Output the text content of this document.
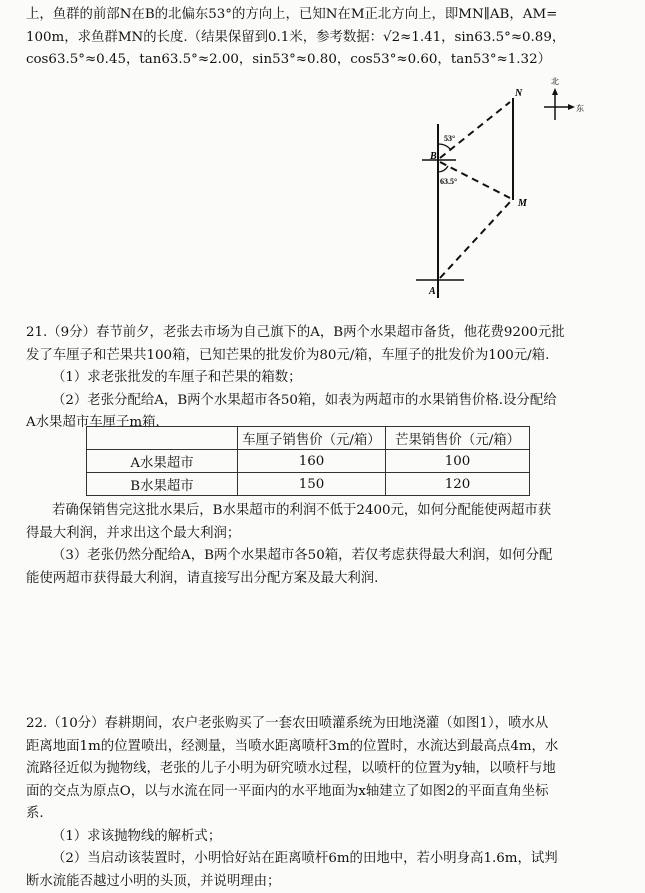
上，鱼群的前部N在B的北偏东53°的方向上，已知N在M正北方向上，即MN∥AB，AM=
100m，求鱼群MN的长度.（结果保留到0.1米，参考数据：√2≈1.41，sin63.5°≈0.89，
cos63.5°≈0.45，tan63.5°≈2.00，sin53°≈0.80，cos53°≈0.60，tan53°≈1.32）
N
B
M
A
53°
63.5°
北
东
21.（9分）春节前夕，老张去市场为自己旗下的A，B两个水果超市备货，他花费9200元批
发了车厘子和芒果共100箱，已知芒果的批发价为80元/箱，车厘子的批发价为100元/箱.
（1）求老张批发的车厘子和芒果的箱数；
（2）老张分配给A，B两个水果超市各50箱，如表为两超市的水果销售价格.设分配给
A水果超市车厘子m箱.
	车厘子销售价（元/箱）	芒果销售价（元/箱）
A水果超市	160	100
B水果超市	150	120
若确保销售完这批水果后，B水果超市的利润不低于2400元，如何分配能使两超市获
得最大利润，并求出这个最大利润；
（3）老张仍然分配给A，B两个水果超市各50箱，若仅考虑获得最大利润，如何分配
能使两超市获得最大利润，请直接写出分配方案及最大利润.
22.（10分）春耕期间，农户老张购买了一套农田喷灌系统为田地浇灌（如图1），喷水从
距离地面1m的位置喷出，经测量，当喷水距离喷杆3m的位置时，水流达到最高点4m，水
流路径近似为抛物线，老张的儿子小明为研究喷水过程，以喷杆的位置为y轴，以喷杆与地
面的交点为原点O，以与水流在同一平面内的水平地面为x轴建立了如图2的平面直角坐标
系.
（1）求该抛物线的解析式；
（2）当启动该装置时，小明恰好站在距离喷杆6m的田地中，若小明身高1.6m，试判
断水流能否越过小明的头顶，并说明理由；
